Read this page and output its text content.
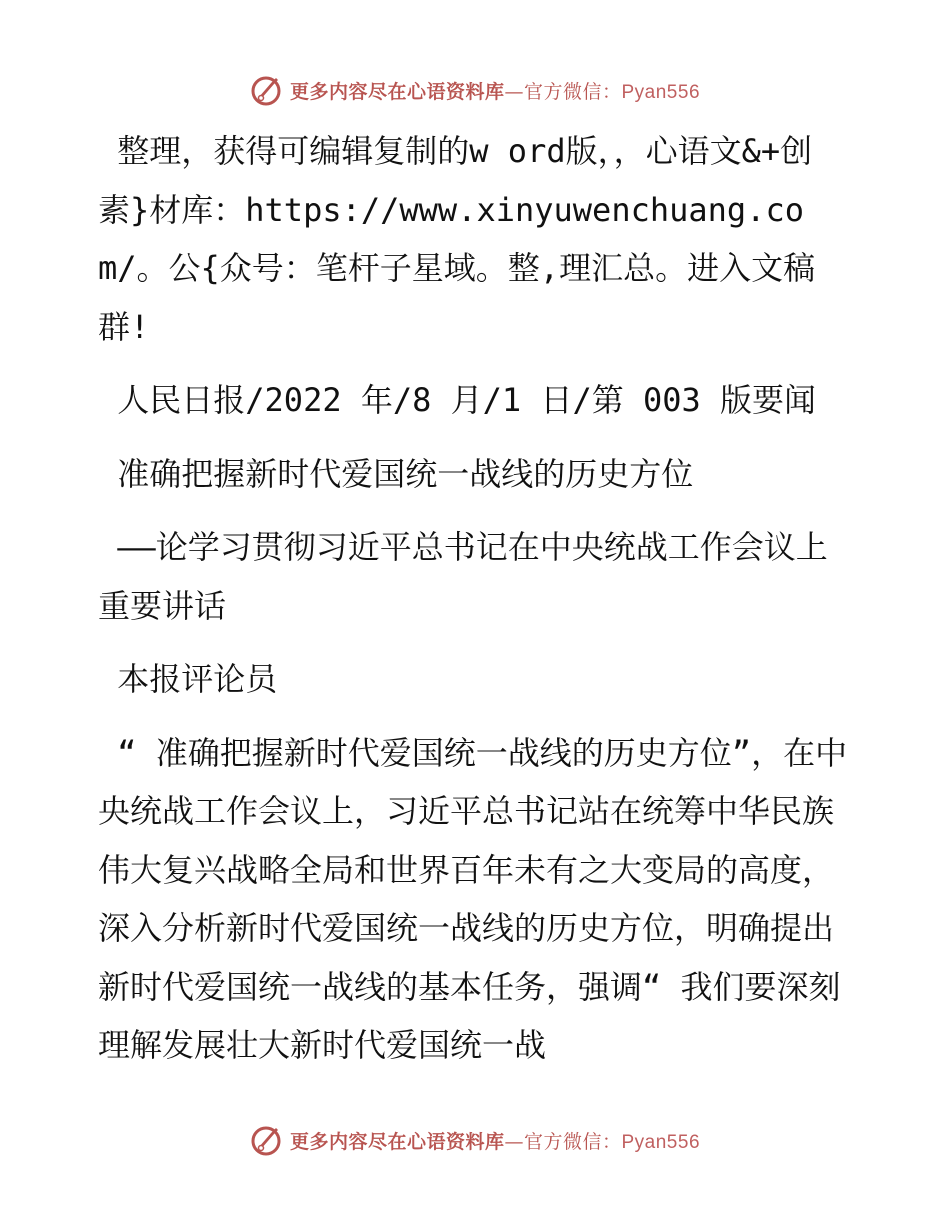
更多内容尽在心语资料库—官方微信：Pyan556

整理，获得可编辑复制的w ord版，，心语文&+创素}材库：https://www.xinyuwenchuang.com/。公{众号：笔杆子星域。整,理汇总。进入文稿群!

人民日报/2022 年/8 月/1 日/第 003 版要闻

准确把握新时代爱国统一战线的历史方位

——论学习贯彻习近平总书记在中央统战工作会议上重要讲话

本报评论员

“ 准确把握新时代爱国统一战线的历史方位”，在中央统战工作会议上，习近平总书记站在统筹中华民族伟大复兴战略全局和世界百年未有之大变局的高度，  深入分析新时代爱国统一战线的历史方位，明确提出新时代爱国统一战线的基本任务，强调“ 我们要深刻理解发展壮大新时代爱国统一战

更多内容尽在心语资料库—官方微信：Pyan556
